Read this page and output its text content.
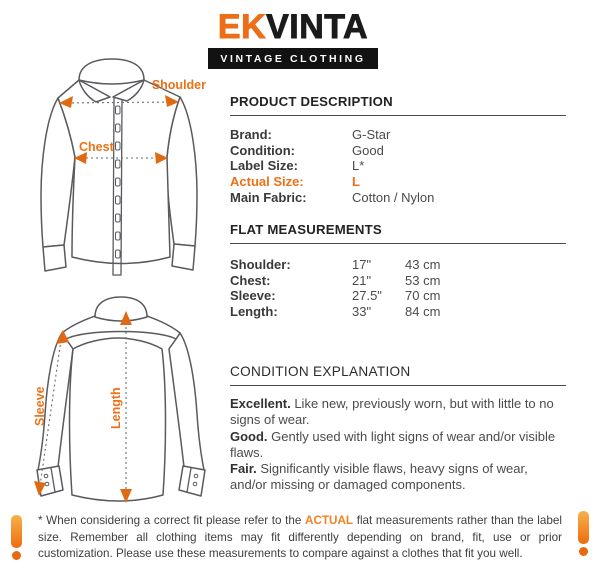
EKVINTA
VINTAGE CLOTHING
Shoulder
Chest
Length
Sleeve
PRODUCT DESCRIPTION
Brand:	G-Star
Condition:	Good
Label Size:	L*
Actual Size:	L
Main Fabric:	Cotton / Nylon
FLAT MEASUREMENTS
Shoulder:	17"	43 cm
Chest:	21"	53 cm
Sleeve:	27.5"	70 cm
Length:	33"	84 cm
CONDITION EXPLANATION

Excellent. Like new, previously worn, but with little to no signs of wear.
Good. Gently used with light signs of wear and/or visible flaws.
Fair. Significantly visible flaws, heavy signs of wear, and/or missing or damaged components.

* When considering a correct fit please refer to the ACTUAL flat measurements rather than the label size. Remember all clothing items may fit differently depending on brand, fit, use or prior customization. Please use these measurements to compare against a clothes that fit you well.
